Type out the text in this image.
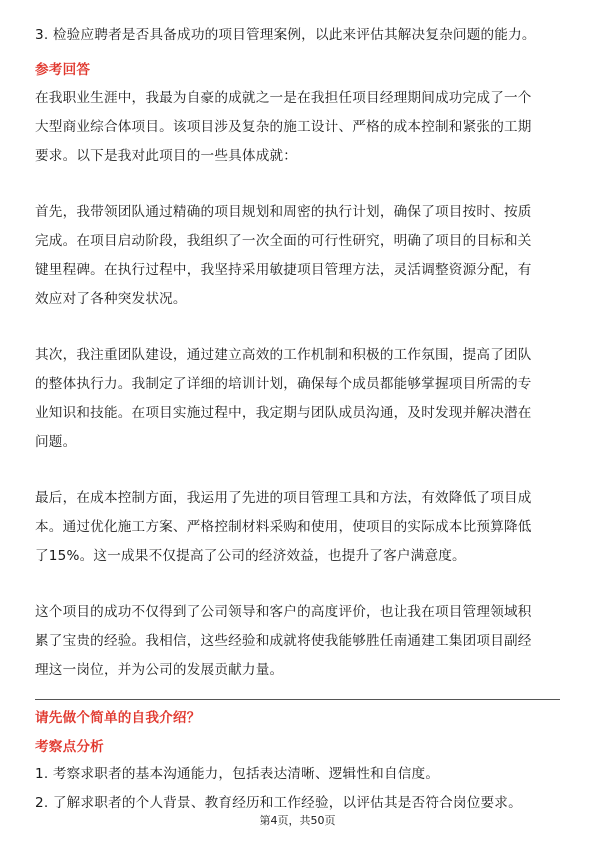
3. 检验应聘者是否具备成功的项目管理案例，以此来评估其解决复杂问题的能力。
参考回答
在我职业生涯中，我最为自豪的成就之一是在我担任项目经理期间成功完成了一个
大型商业综合体项目。该项目涉及复杂的施工设计、严格的成本控制和紧张的工期
要求。以下是我对此项目的一些具体成就：
首先，我带领团队通过精确的项目规划和周密的执行计划，确保了项目按时、按质
完成。在项目启动阶段，我组织了一次全面的可行性研究，明确了项目的目标和关
键里程碑。在执行过程中，我坚持采用敏捷项目管理方法，灵活调整资源分配，有
效应对了各种突发状况。
其次，我注重团队建设，通过建立高效的工作机制和积极的工作氛围，提高了团队
的整体执行力。我制定了详细的培训计划，确保每个成员都能够掌握项目所需的专
业知识和技能。在项目实施过程中，我定期与团队成员沟通，及时发现并解决潜在
问题。
最后，在成本控制方面，我运用了先进的项目管理工具和方法，有效降低了项目成
本。通过优化施工方案、严格控制材料采购和使用，使项目的实际成本比预算降低
了15%。这一成果不仅提高了公司的经济效益，也提升了客户满意度。
这个项目的成功不仅得到了公司领导和客户的高度评价，也让我在项目管理领域积
累了宝贵的经验。我相信，这些经验和成就将使我能够胜任南通建工集团项目副经
理这一岗位，并为公司的发展贡献力量。
请先做个简单的自我介绍？
考察点分析
1. 考察求职者的基本沟通能力，包括表达清晰、逻辑性和自信度。
2. 了解求职者的个人背景、教育经历和工作经验，以评估其是否符合岗位要求。
第4页，共50页
